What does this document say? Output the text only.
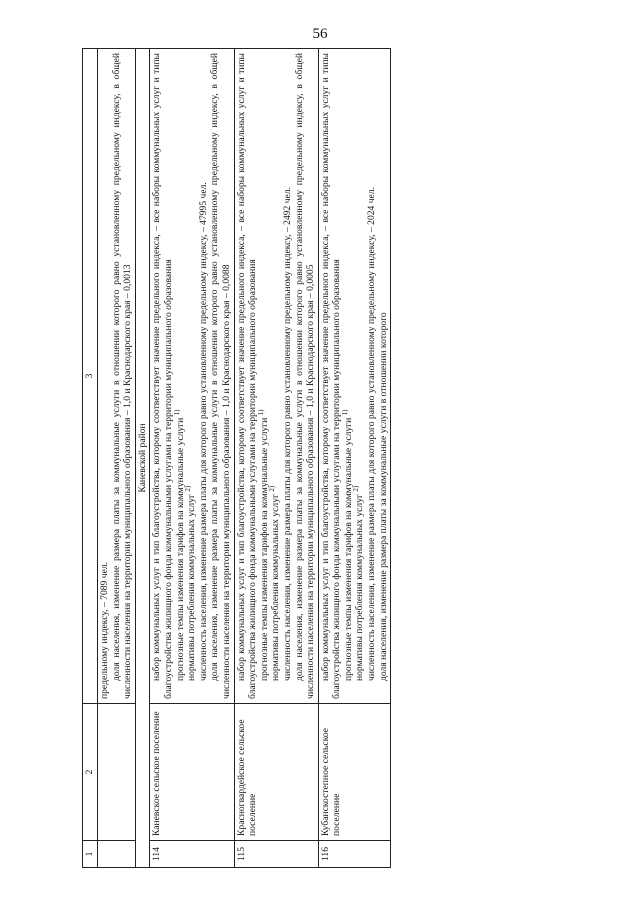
56
1	2	3

		предельному индексу, – 7089 чел. доля населения, изменение размера платы за коммунальные услуги в отношении которого равно установленному предельному индексу, в общей численности населения на территории муниципального образования – 1,0 и Краснодарского края – 0,0013

Каневской район		
114	Каневское сельское поселение	набор коммунальных услуг и тип благоустройства, которому соответствует значение предельного индекса, – все наборы коммунальных услуг и типы благоустройства жилищного фонда коммунальными услугами на территории муниципального образования прогнозные темпы изменения тарифов на коммунальные услуги $^{1)}$

нормативы потребления коммунальных услуг $^{2)}$ численность населения, изменение размера платы для которого равно установленному предельному индексу, – 47995 чел. доля населения, изменение размера платы за коммунальные услуги в отношении которого равно установленному предельному индексу, в общей численности населения на территории муниципального образования – 1,0 и Краснодарского края – 0,0088

115	Красногвардейское сельское поселение	набор коммунальных услуг и тип благоустройства, которому соответствует значение предельного индекса, – все наборы коммунальных услуг и типы благоустройства жилищного фонда коммунальными услугами на территории муниципального образования прогнозные темпы изменения тарифов на коммунальные услуги $^{1)}$

нормативы потребления коммунальных услуг $^{2)}$ численность населения, изменение размера платы для которого равно установленному предельному индексу, – 2492 чел. доля населения, изменение размера платы за коммунальные услуги в отношении которого равно установленному предельному индексу, в общей численности населения на территории муниципального образования – 1,0 и Краснодарского края – 0,0005

116	Кубанскостепное сельское поселение	набор коммунальных услуг и тип благоустройства, которому соответствует значение предельного индекса, – все наборы коммунальных услуг и типы благоустройства жилищного фонда коммунальными услугами на территории муниципального образования прогнозные темпы изменения тарифов на коммунальные услуги $^{1)}$

нормативы потребления коммунальных услуг $^{2)}$ численность населения, изменение размера платы для которого равно установленному предельному индексу, – 2024 чел. доля населения, изменение размера платы за коммунальные услуги в отношении которого
